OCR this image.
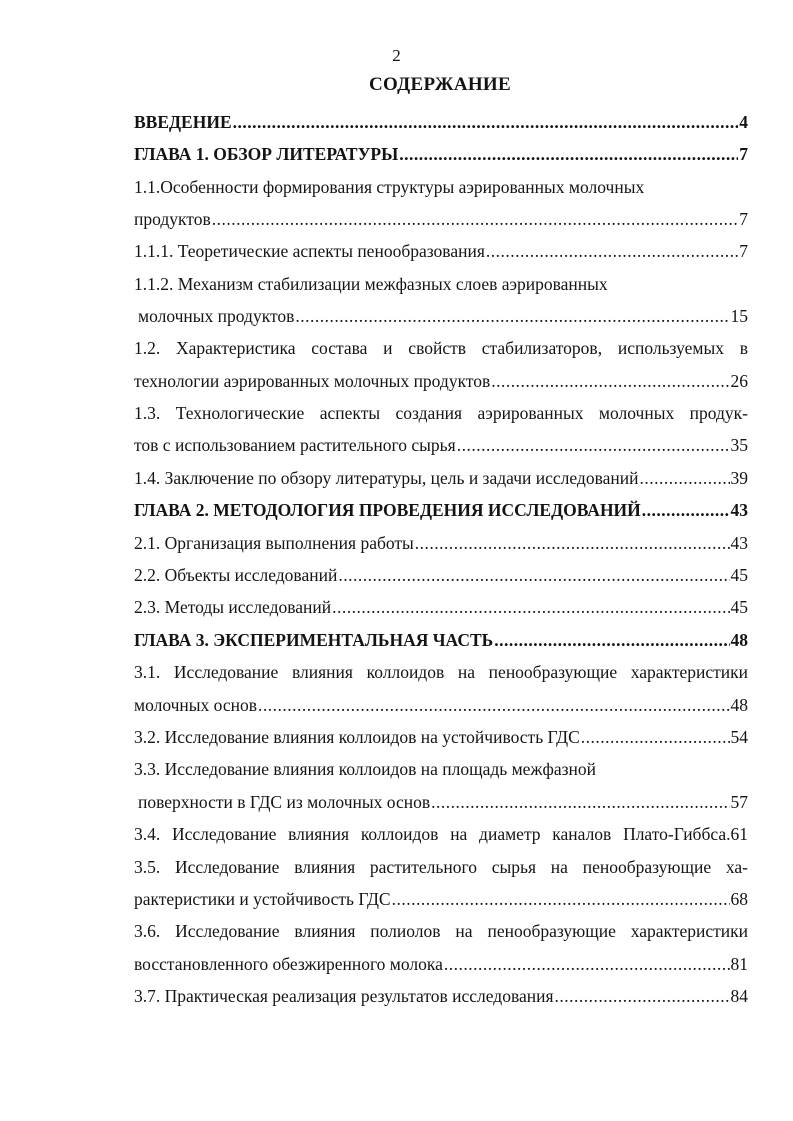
2
СОДЕРЖАНИЕ
ВВЕДЕНИЕ .....	4
ГЛАВА 1. ОБЗОР ЛИТЕРАТУРЫ .....	7
1.1.Особенности формирования структуры аэрированных молочных
продуктов .....	7
1.1.1. Теоретические аспекты пенообразования .....	7
1.1.2. Механизм стабилизации межфазных слоев аэрированных
молочных продуктов .....	15
1.2. Характеристика состава и свойств стабилизаторов, используемых в
технологии аэрированных молочных продуктов .....	26
1.3. Технологические аспекты создания аэрированных молочных продук-
тов с использованием растительного сырья .....	35
1.4. Заключение по обзору литературы, цель и задачи исследований .....	39
ГЛАВА 2. МЕТОДОЛОГИЯ ПРОВЕДЕНИЯ ИССЛЕДОВАНИЙ .....	43
2.1. Организация выполнения работы .....	43
2.2. Объекты исследований .....	45
2.3. Методы исследований .....	45
ГЛАВА 3. ЭКСПЕРИМЕНТАЛЬНАЯ ЧАСТЬ .....	48
3.1. Исследование влияния коллоидов на пенообразующие характеристики
молочных основ .....	48
3.2. Исследование влияния коллоидов на устойчивость ГДС .....	54
3.3. Исследование влияния коллоидов на площадь межфазной
поверхности в ГДС из молочных основ .....	57
3.4. Исследование влияния коллоидов на диаметр каналов Плато-Гиббса.61
3.5. Исследование влияния растительного сырья на пенообразующие ха-
рактеристики и устойчивость ГДС .....	68
3.6. Исследование влияния полиолов на пенообразующие характеристики
восстановленного обезжиренного молока .....	81
3.7. Практическая реализация результатов исследования .....	84
